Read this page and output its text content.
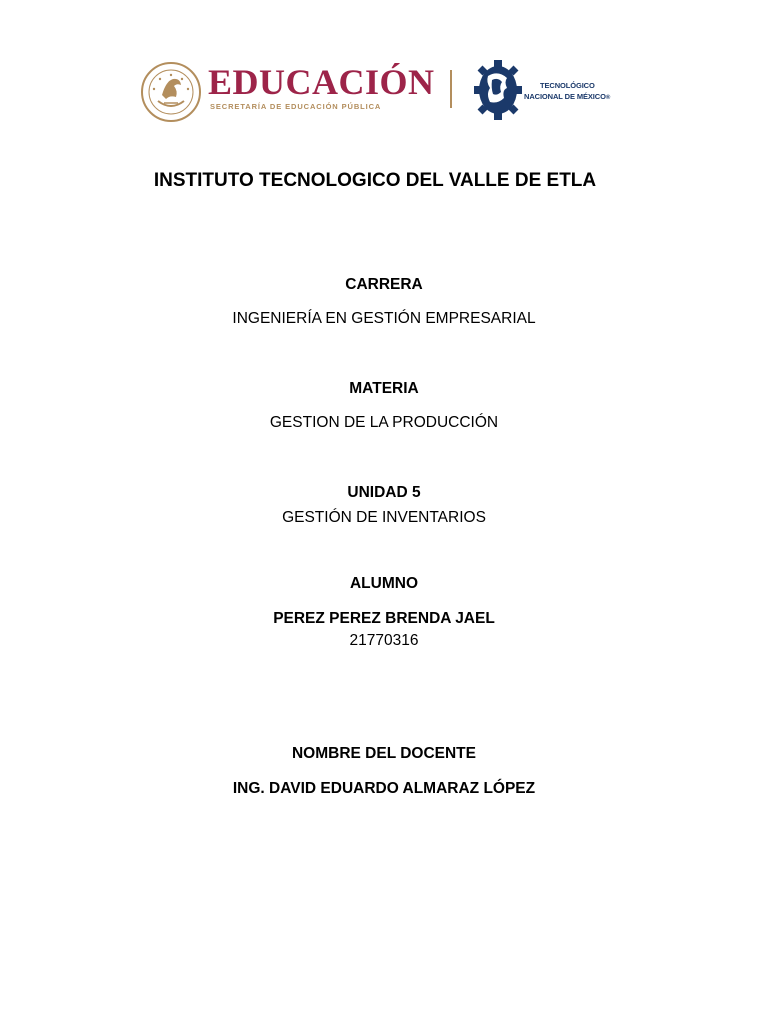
EDUCACIÓN
SECRETARÍA DE EDUCACIÓN PÚBLICA
TECNOLÓGICO
NACIONAL DE MÉXICO®
INSTITUTO TECNOLOGICO DEL VALLE DE ETLA
CARRERA
INGENIERÍA EN GESTIÓN EMPRESARIAL
MATERIA
GESTION DE LA PRODUCCIÓN
UNIDAD 5
GESTIÓN DE INVENTARIOS
ALUMNO
PEREZ PEREZ BRENDA JAEL
21770316
NOMBRE DEL DOCENTE
ING. DAVID EDUARDO ALMARAZ LÓPEZ
